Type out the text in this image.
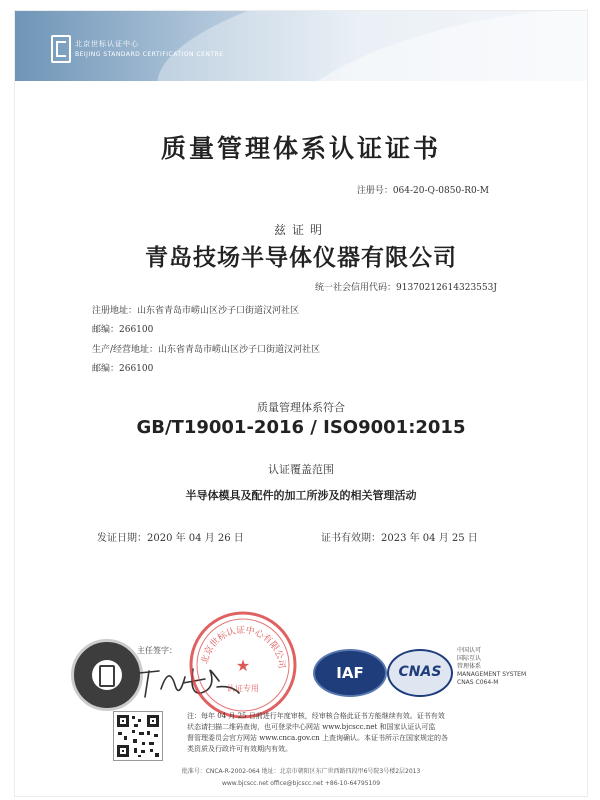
北京世标认证中心
BEIJING STANDARD CERTIFICATION CENTRE
质量管理体系认证证书
注册号：064-20-Q-0850-R0-M
兹证明
青岛技场半导体仪器有限公司
统一社会信用代码：91370212614323553J
注册地址：山东省青岛市崂山区沙子口街道汉河社区
邮编：266100
生产/经营地址：山东省青岛市崂山区沙子口街道汉河社区
邮编：266100
质量管理体系符合
GB/T19001-2016 / ISO9001:2015
认证覆盖范围
半导体模具及配件的加工所涉及的相关管理活动
发证日期：2020 年 04 月 26 日	证书有效期：2023 年 04 月 25 日
主任签字：
北京世标认证中心有限公司
★
认证专用
IAF	CNAS
中国认可
国际互认
管理体系
MANAGEMENT SYSTEM
CNAS C064-M
注：每年 04 月 25 日前进行年度审核，经审核合格此证书方能继续有效。证书有效
状态请扫描二维码查询，也可登录中心网站 www.bjcscc.net 和国家认证认可监
督管理委员会官方网站 www.cnca.gov.cn 上查询确认。本证书所示在国家规定的各
类资质及行政许可有效期内有效。
批准号：CNCA-R-2002-064 地址：北京市朝阳区东广世西路四段甲6号院3号楼2层2013
www.bjcscc.net office@bjcscc.net +86-10-64795109
